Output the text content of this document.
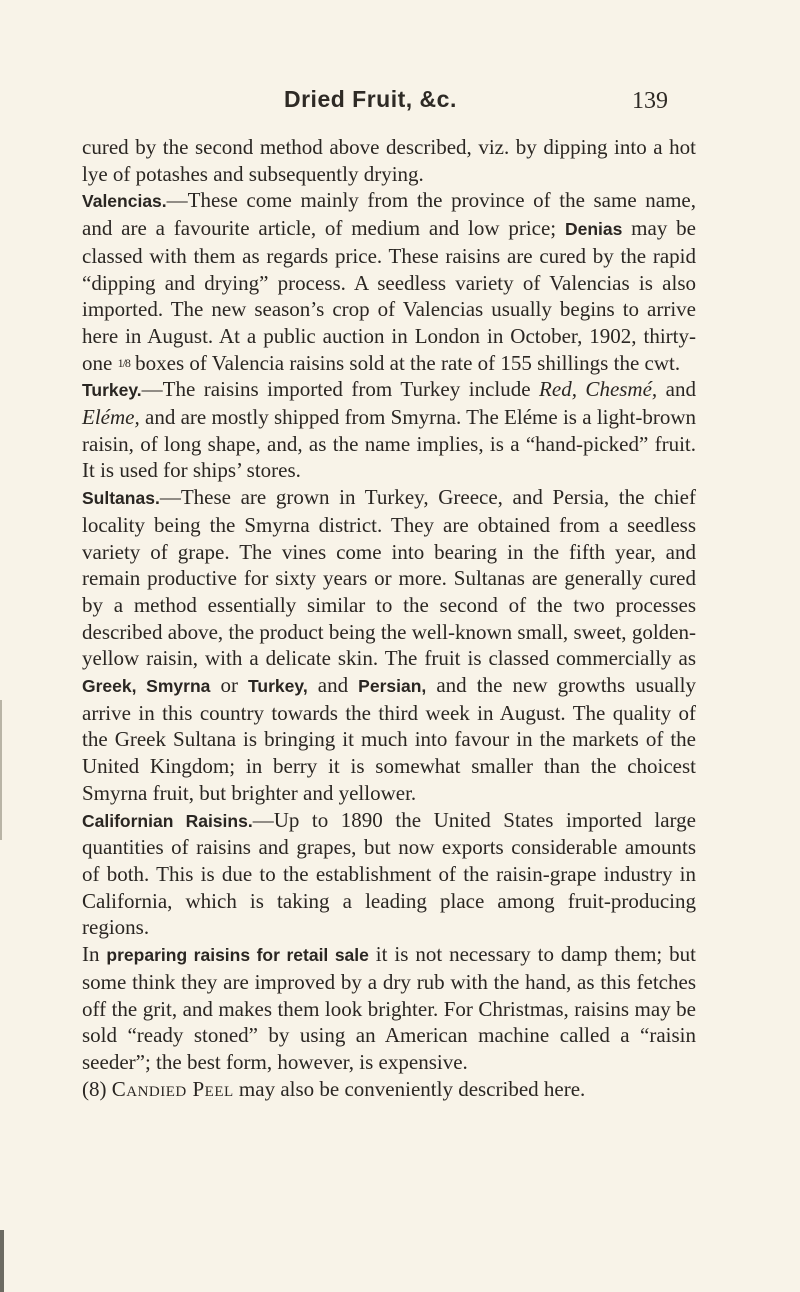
Dried Fruit, &c.	139

cured by the second method above described, viz. by dipping into a hot lye of potashes and subsequently drying.

Valencias.—These come mainly from the province of the same name, and are a favourite article, of medium and low price; Denias may be classed with them as regards price. These raisins are cured by the rapid “dipping and drying” process. A seedless variety of Valencias is also imported. The new season’s crop of Valencias usually begins to arrive here in August. At a public auction in London in October, 1902, thirty-one 1/8 boxes of Valencia raisins sold at the rate of 155 shillings the cwt.

Turkey.—The raisins imported from Turkey include Red, Chesmé, and Eléme, and are mostly shipped from Smyrna. The Eléme is a light-brown raisin, of long shape, and, as the name implies, is a “hand-picked” fruit. It is used for ships’ stores.

Sultanas.—These are grown in Turkey, Greece, and Persia, the chief locality being the Smyrna district. They are obtained from a seedless variety of grape. The vines come into bearing in the fifth year, and remain productive for sixty years or more. Sultanas are generally cured by a method essentially similar to the second of the two processes described above, the product being the well-known small, sweet, golden-yellow raisin, with a delicate skin. The fruit is classed commercially as Greek, Smyrna or Turkey, and Persian, and the new growths usually arrive in this country towards the third week in August. The quality of the Greek Sultana is bringing it much into favour in the markets of the United Kingdom; in berry it is somewhat smaller than the choicest Smyrna fruit, but brighter and yellower.

Californian Raisins.—Up to 1890 the United States imported large quantities of raisins and grapes, but now exports considerable amounts of both. This is due to the establishment of the raisin-grape industry in California, which is taking a leading place among fruit-producing regions.

In preparing raisins for retail sale it is not necessary to damp them; but some think they are improved by a dry rub with the hand, as this fetches off the grit, and makes them look brighter. For Christmas, raisins may be sold “ready stoned” by using an American machine called a “raisin seeder”; the best form, however, is expensive.

(8) Candied Peel may also be conveniently described here.
